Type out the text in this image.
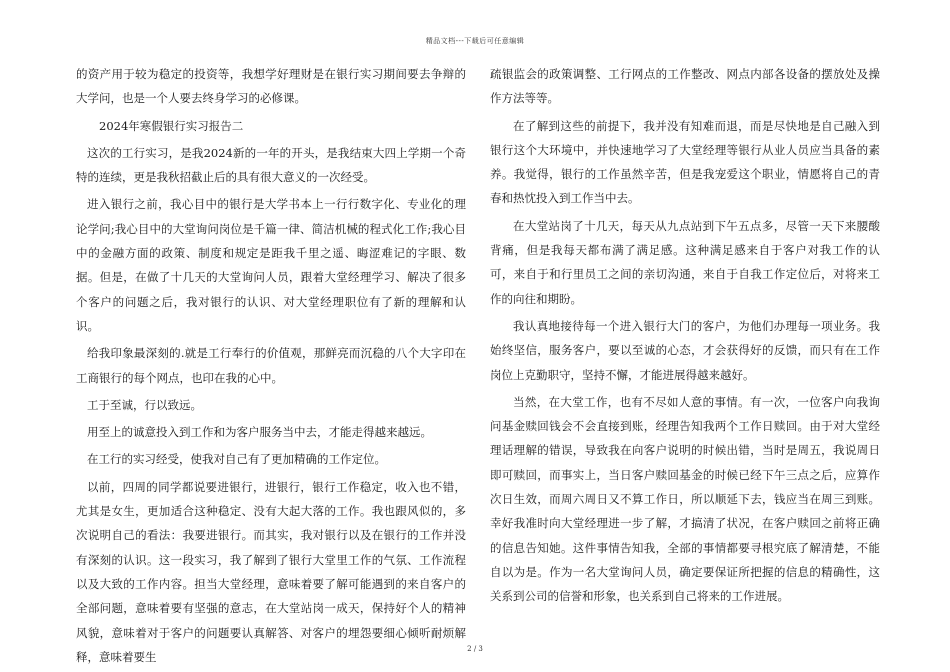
精品文档---下载后可任意编辑

的资产用于较为稳定的投资等，我想学好理财是在银行实习期间要去争辩的大学问，也是一个人要去终身学习的必修课。

2024年寒假银行实习报告二

这次的工行实习，是我2024新的一年的开头，是我结束大四上学期一个奇特的连续，更是我秋招截止后的具有很大意义的一次经受。

进入银行之前，我心目中的银行是大学书本上一行行数字化、专业化的理论学问;我心目中的大堂询问岗位是千篇一律、简洁机械的程式化工作;我心目中的金融方面的政策、制度和规定是距我千里之遥、晦涩难记的字眼、数据。但是，在做了十几天的大堂询问人员，跟着大堂经理学习、解决了很多个客户的问题之后，我对银行的认识、对大堂经理职位有了新的理解和认识。

给我印象最深刻的.就是工行奉行的价值观，那鲜亮而沉稳的八个大字印在工商银行的每个网点，也印在我的心中。

工于至诚，行以致远。

用至上的诚意投入到工作和为客户服务当中去，才能走得越来越远。

在工行的实习经受，使我对自己有了更加精确的工作定位。

以前，四周的同学都说要进银行，进银行，银行工作稳定，收入也不错，尤其是女生，更加适合这种稳定、没有大起大落的工作。我也跟风似的，多次说明自己的看法：我要进银行。而其实，我对银行以及在银行的工作并没有深刻的认识。这一段实习，我了解到了银行大堂里工作的气氛、工作流程以及大致的工作内容。担当大堂经理，意味着要了解可能遇到的来自客户的全部问题，意味着要有坚强的意志，在大堂站岗一成天，保持好个人的精神风貌，意味着对于客户的问题要认真解答、对客户的埋怨要细心倾听耐烦解释，意味着要生

疏银监会的政策调整、工行网点的工作整改、网点内部各设备的摆放处及操作方法等等。

在了解到这些的前提下，我并没有知难而退，而是尽快地是自己融入到银行这个大环境中，并快速地学习了大堂经理等银行从业人员应当具备的素养。我觉得，银行的工作虽然辛苦，但是我宠爱这个职业，情愿将自己的青春和热忱投入到工作当中去。

在大堂站岗了十几天，每天从九点站到下午五点多，尽管一天下来腰酸背痛，但是我每天都布满了满足感。这种满足感来自于客户对我工作的认可，来自于和行里员工之间的亲切沟通，来自于自我工作定位后，对将来工作的向往和期盼。

我认真地接待每一个进入银行大门的客户，为他们办理每一项业务。我始终坚信，服务客户，要以至诚的心态，才会获得好的反馈，而只有在工作岗位上克勤职守，坚持不懈，才能进展得越来越好。

当然，在大堂工作，也有不尽如人意的事情。有一次，一位客户向我询问基金赎回钱会不会直接到账，经理告知我两个工作日赎回。由于对大堂经理话理解的错误，导致我在向客户说明的时候出错，当时是周五，我说周日即可赎回，而事实上，当日客户赎回基金的时候已经下午三点之后，应算作次日生效，而周六周日又不算工作日，所以顺延下去，钱应当在周三到账。幸好我准时向大堂经理进一步了解，才搞清了状况，在客户赎回之前将正确的信息告知她。这件事情告知我，全部的事情都要寻根究底了解清楚，不能自以为是。作为一名大堂询问人员，确定要保证所把握的信息的精确性，这关系到公司的信誉和形象，也关系到自己将来的工作进展。

2 / 3
